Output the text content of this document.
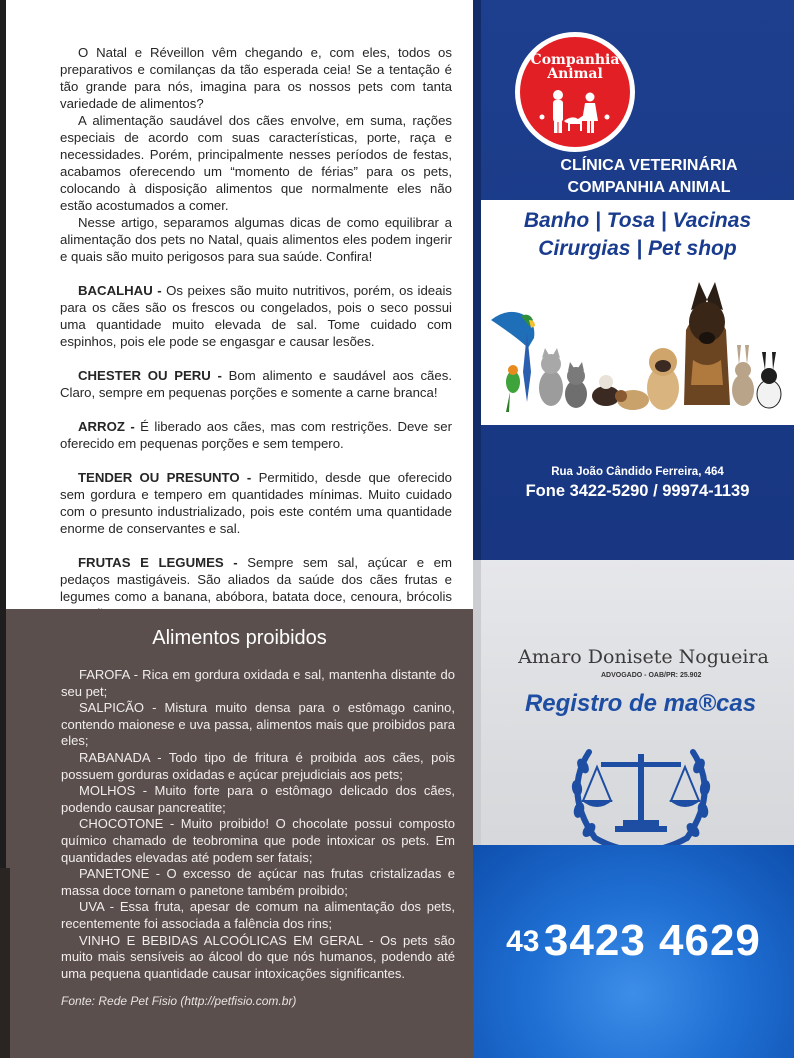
O Natal e Réveillon vêm chegando e, com eles, todos os preparativos e comilanças da tão esperada ceia! Se a tentação é tão grande para nós, imagina para os nossos pets com tanta variedade de alimentos?

A alimentação saudável dos cães envolve, em suma, rações especiais de acordo com suas características, porte, raça e necessidades. Porém, principalmente nesses períodos de festas, acabamos oferecendo um “momento de férias” para os pets, colocando à disposição alimentos que normalmente eles não estão acostumados a comer.

Nesse artigo, separamos algumas dicas de como equilibrar a alimentação dos pets no Natal, quais alimentos eles podem ingerir e quais são muito perigosos para sua saúde. Confira!

BACALHAU - Os peixes são muito nutritivos, porém, os ideais para os cães são os frescos ou congelados, pois o seco possui uma quantidade muito elevada de sal. Tome cuidado com espinhos, pois ele pode se engasgar e causar lesões.

CHESTER OU PERU - Bom alimento e saudável aos cães. Claro, sempre em pequenas porções e somente a carne branca!

ARROZ - É liberado aos cães, mas com restrições. Deve ser oferecido em pequenas porções e sem tempero.

TENDER OU PRESUNTO - Permitido, desde que oferecido sem gordura e tempero em quantidades mínimas. Muito cuidado com o presunto industrializado, pois este contém uma quantidade enorme de conservantes e sal.

FRUTAS E LEGUMES - Sempre sem sal, açúcar e em pedaços mastigáveis. São aliados da saúde dos cães frutas e legumes como a banana, abóbora, batata doce, cenoura, brócolis

Alimentos proibidos

FAROFA - Rica em gordura oxidada e sal, mantenha distante do seu pet;

SALPICÃO - Mistura muito densa para o estômago canino, contendo maionese e uva passa, alimentos mais que proibidos para eles;

RABANADA - Todo tipo de fritura é proibida aos cães, pois possuem gorduras oxidadas e açúcar prejudiciais aos pets;

MOLHOS - Muito forte para o estômago delicado dos cães, podendo causar pancreatite;

CHOCOTONE - Muito proibido! O chocolate possui composto químico chamado de teobromina que pode intoxicar os pets. Em quantidades elevadas até podem ser fatais;

PANETONE - O excesso de açúcar nas frutas cristalizadas e massa doce tornam o panetone também proibido;

UVA - Essa fruta, apesar de comum na alimentação dos pets, recentemente foi associada a falência dos rins;

VINHO E BEBIDAS ALCOÓLICAS EM GERAL - Os pets são muito mais sensíveis ao álcool do que nós humanos, podendo até uma pequena quantidade causar intoxicações significantes.

Fonte: Rede Pet Fisio (http://petfisio.com.br)
Companhia
Animal
CLÍNICA VETERINÁRIA
COMPANHIA ANIMAL
Banho | Tosa | Vacinas
Cirurgias | Pet shop
Rua João Cândido Ferreira, 464
Fone 3422-5290 / 99974-1139
Amaro Donisete Nogueira
ADVOGADO - OAB/PR: 25.902
Registro de ma®cas
43 3423 4629
